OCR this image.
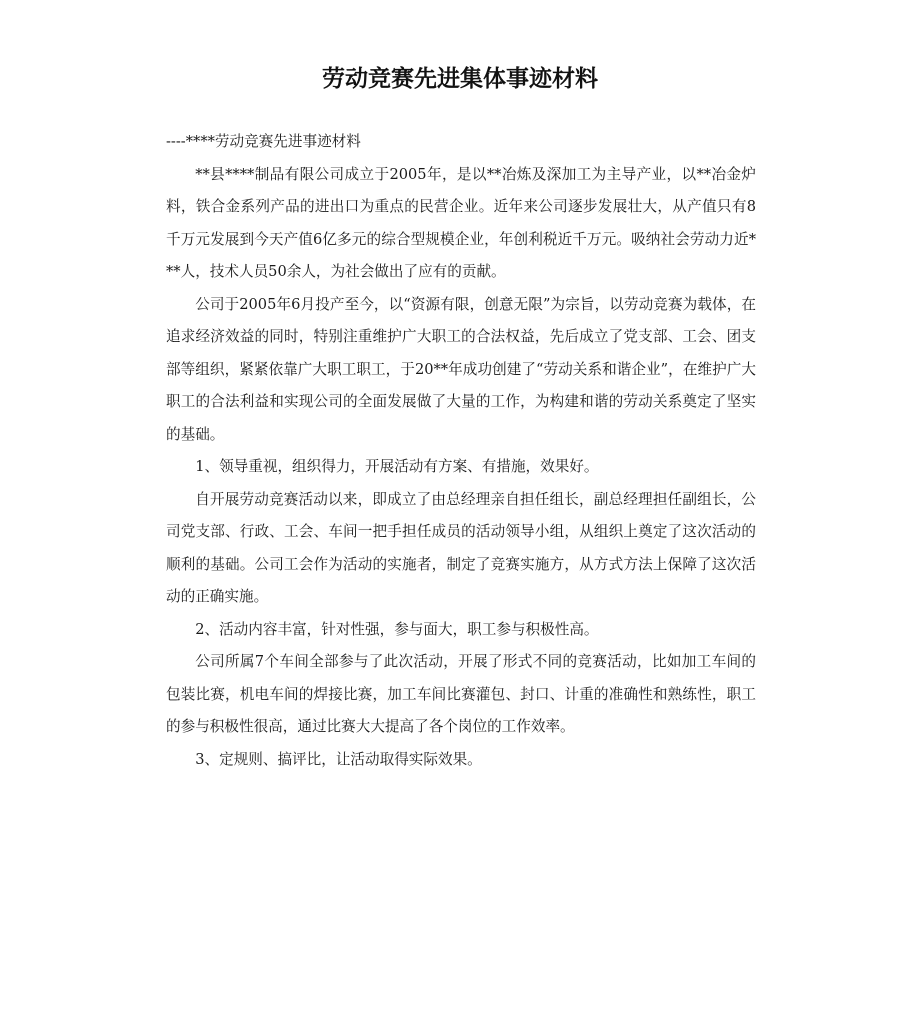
劳动竞赛先进集体事迹材料

----****劳动竞赛先进事迹材料

**县****制品有限公司成立于2005年，是以**冶炼及深加工为主导产业，以**冶金炉料，铁合金系列产品的进出口为重点的民营企业。近年来公司逐步发展壮大，从产值只有8千万元发展到今天产值6亿多元的综合型规模企业，年创利税近千万元。吸纳社会劳动力近***人，技术人员50余人，为社会做出了应有的贡献。

公司于2005年6月投产至今，以“资源有限，创意无限”为宗旨，以劳动竞赛为载体，在追求经济效益的同时，特别注重维护广大职工的合法权益，先后成立了党支部、工会、团支部等组织，紧紧依靠广大职工职工，于20**年成功创建了“劳动关系和谐企业”，在维护广大职工的合法利益和实现公司的全面发展做了大量的工作，为构建和谐的劳动关系奠定了坚实的基础。

1、领导重视，组织得力，开展活动有方案、有措施，效果好。

自开展劳动竞赛活动以来，即成立了由总经理亲自担任组长，副总经理担任副组长，公司党支部、行政、工会、车间一把手担任成员的活动领导小组，从组织上奠定了这次活动的顺利的基础。公司工会作为活动的实施者，制定了竞赛实施方，从方式方法上保障了这次活动的正确实施。

2、活动内容丰富，针对性强，参与面大，职工参与积极性高。

公司所属7个车间全部参与了此次活动，开展了形式不同的竞赛活动，比如加工车间的包装比赛，机电车间的焊接比赛，加工车间比赛灌包、封口、计重的准确性和熟练性，职工的参与积极性很高，通过比赛大大提高了各个岗位的工作效率。

3、定规则、搞评比，让活动取得实际效果。
